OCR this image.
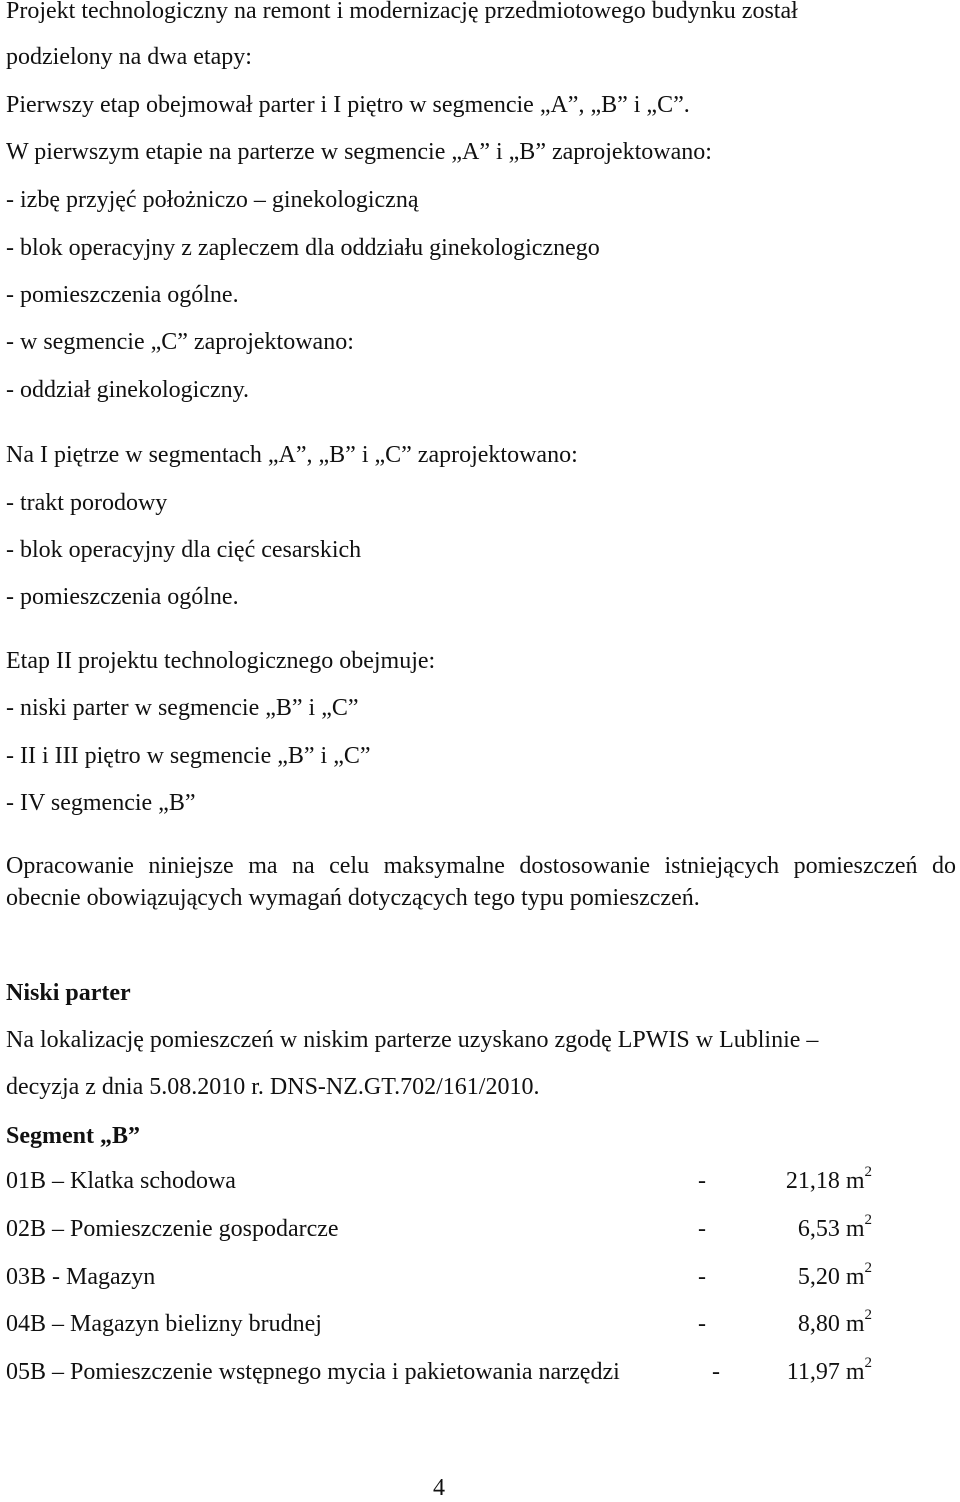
Projekt technologiczny na remont i modernizację przedmiotowego budynku został
podzielony na dwa etapy:
Pierwszy etap obejmował parter i I piętro w segmencie „A”, „B” i „C”.
W pierwszym etapie na parterze w segmencie „A” i „B” zaprojektowano:
- izbę przyjęć położniczo – ginekologiczną
- blok operacyjny z zapleczem dla oddziału ginekologicznego
- pomieszczenia ogólne.
- w segmencie „C” zaprojektowano:
- oddział ginekologiczny.
Na I piętrze w segmentach „A”, „B” i „C” zaprojektowano:
- trakt porodowy
- blok operacyjny dla cięć cesarskich
- pomieszczenia ogólne.
Etap II projektu technologicznego obejmuje:
- niski parter w segmencie „B” i „C”
- II i III piętro w segmencie „B” i „C”
- IV segmencie „B”
Opracowanie niniejsze ma na celu maksymalne dostosowanie istniejących pomieszczeń do obecnie obowiązujących wymagań dotyczących tego typu pomieszczeń.
Niski parter
Na lokalizację pomieszczeń w niskim parterze uzyskano zgodę LPWIS w Lublinie –
decyzja z dnia 5.08.2010 r. DNS-NZ.GT.702/161/2010.
Segment „B”
01B – Klatka schodowa	-	21,18 $m^2$
02B – Pomieszczenie gospodarcze	-	6,53 $m^2$
03B - Magazyn	-	5,20 $m^2$
04B – Magazyn bielizny brudnej	-	8,80 $m^2$
05B – Pomieszczenie wstępnego mycia i pakietowania narzędzi	-	11,97 $m^2$
4
